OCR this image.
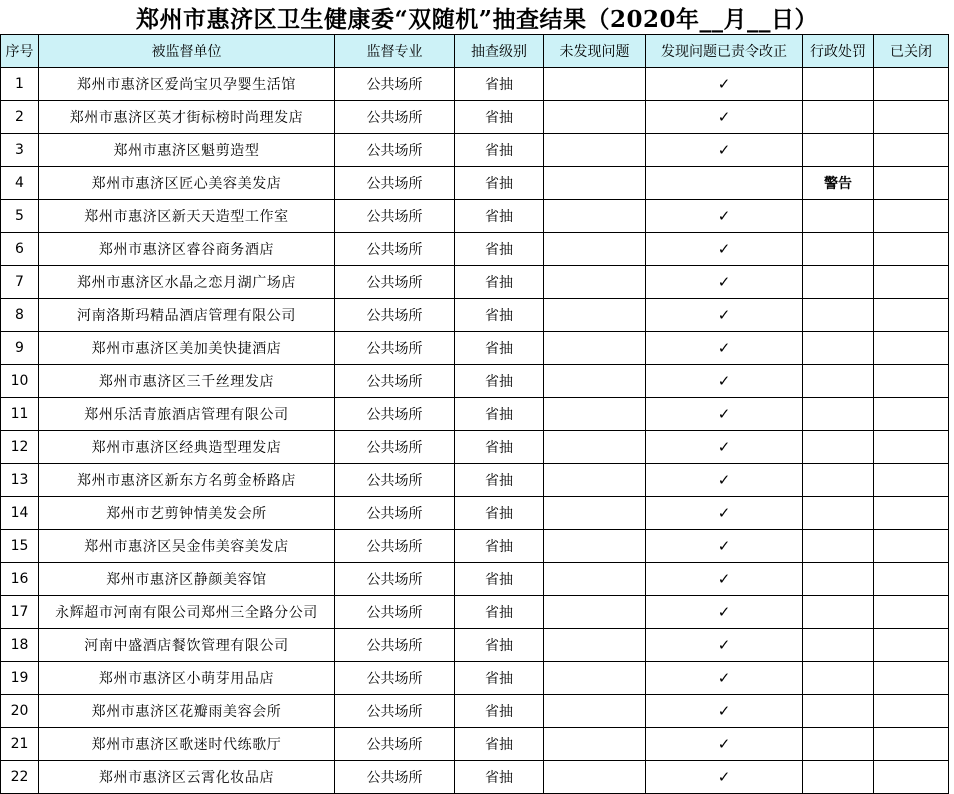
郑州市惠济区卫生健康委“双随机”抽查结果（2020年__月__日）
序号	被监督单位	监督专业	抽查级别	未发现问题	发现问题已责令改正	行政处罚	已关闭
1	郑州市惠济区爱尚宝贝孕婴生活馆	公共场所	省抽		✓		
2	郑州市惠济区英才街标榜时尚理发店	公共场所	省抽		✓		
3	郑州市惠济区魁剪造型	公共场所	省抽		✓		
4	郑州市惠济区匠心美容美发店	公共场所	省抽			警告	
5	郑州市惠济区新天天造型工作室	公共场所	省抽		✓		
6	郑州市惠济区睿谷商务酒店	公共场所	省抽		✓		
7	郑州市惠济区水晶之恋月湖广场店	公共场所	省抽		✓		
8	河南洛斯玛精品酒店管理有限公司	公共场所	省抽		✓		
9	郑州市惠济区美加美快捷酒店	公共场所	省抽		✓		
10	郑州市惠济区三千丝理发店	公共场所	省抽		✓		
11	郑州乐活青旅酒店管理有限公司	公共场所	省抽		✓		
12	郑州市惠济区经典造型理发店	公共场所	省抽		✓		
13	郑州市惠济区新东方名剪金桥路店	公共场所	省抽		✓		
14	郑州市艺剪钟情美发会所	公共场所	省抽		✓		
15	郑州市惠济区吴金伟美容美发店	公共场所	省抽		✓		
16	郑州市惠济区静颜美容馆	公共场所	省抽		✓		
17	永辉超市河南有限公司郑州三全路分公司	公共场所	省抽		✓		
18	河南中盛酒店餐饮管理有限公司	公共场所	省抽		✓		
19	郑州市惠济区小萌芽用品店	公共场所	省抽		✓		
20	郑州市惠济区花瓣雨美容会所	公共场所	省抽		✓		
21	郑州市惠济区歌迷时代练歌厅	公共场所	省抽		✓		
22	郑州市惠济区云霄化妆品店	公共场所	省抽		✓		
